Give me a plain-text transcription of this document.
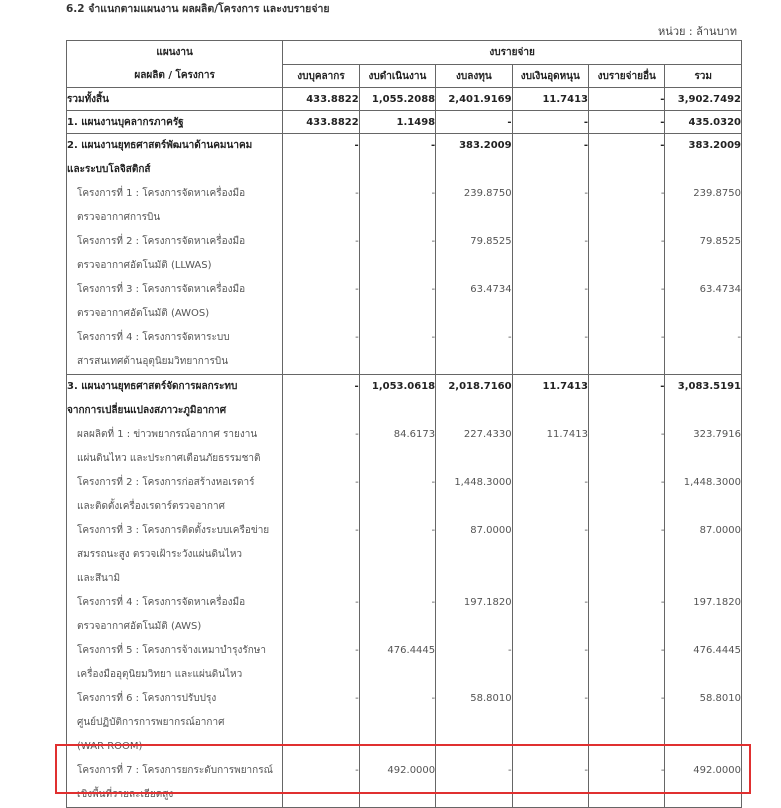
6.2 จำแนกตามแผนงาน ผลผลิต/โครงการ และงบรายจ่าย
หน่วย : ล้านบาท
แผนงาน
ผลผลิต / โครงการ	งบรายจ่าย					
	งบบุคลากร	งบดำเนินงาน	งบลงทุน	งบเงินอุดหนุน	งบรายจ่ายอื่น	รวม
รวมทั้งสิ้น	433.8822	1,055.2088	2,401.9169	11.7413	-	3,902.7492

1. แผนงานบุคลากรภาครัฐ	433.8822	1.1498	-	-	-	435.0320

2. แผนงานยุทธศาสตร์พัฒนาด้านคมนาคม
และระบบโลจิสติกส์	-	-	383.2009	-	-	383.2009

โครงการที่ 1 : โครงการจัดหาเครื่องมือ
ตรวจอากาศการบิน	-	-	239.8750	-	-	239.8750

โครงการที่ 2 : โครงการจัดหาเครื่องมือ
ตรวจอากาศอัตโนมัติ (LLWAS)	-	-	79.8525	-	-	79.8525

โครงการที่ 3 : โครงการจัดหาเครื่องมือ
ตรวจอากาศอัตโนมัติ (AWOS)	-	-	63.4734	-	-	63.4734

โครงการที่ 4 : โครงการจัดหาระบบ
สารสนเทศด้านอุตุนิยมวิทยาการบิน	-	-	-	-	-	-

3. แผนงานยุทธศาสตร์จัดการผลกระทบ
จากการเปลี่ยนแปลงสภาวะภูมิอากาศ	-	1,053.0618	2,018.7160	11.7413	-	3,083.5191

ผลผลิตที่ 1 : ข่าวพยากรณ์อากาศ รายงาน
แผ่นดินไหว และประกาศเตือนภัยธรรมชาติ	-	84.6173	227.4330	11.7413	-	323.7916

โครงการที่ 2 : โครงการก่อสร้างหอเรดาร์
และติดตั้งเครื่องเรดาร์ตรวจอากาศ	-	-	1,448.3000	-	-	1,448.3000

โครงการที่ 3 : โครงการติดตั้งระบบเครือข่าย
สมรรถนะสูง ตรวจเฝ้าระวังแผ่นดินไหว
และสึนามิ	-	-	87.0000	-	-	87.0000

โครงการที่ 4 : โครงการจัดหาเครื่องมือ
ตรวจอากาศอัตโนมัติ (AWS)	-	-	197.1820	-	-	197.1820

โครงการที่ 5 : โครงการจ้างเหมาบำรุงรักษา
เครื่องมืออุตุนิยมวิทยา และแผ่นดินไหว	-	476.4445	-	-	-	476.4445

โครงการที่ 6 : โครงการปรับปรุง
ศูนย์ปฏิบัติการการพยากรณ์อากาศ
(WAR ROOM)	-	-	58.8010	-	-	58.8010

โครงการที่ 7 : โครงการยกระดับการพยากรณ์
เชิงพื้นที่รายละเอียดสูง	-	492.0000	-	-	-	492.0000
